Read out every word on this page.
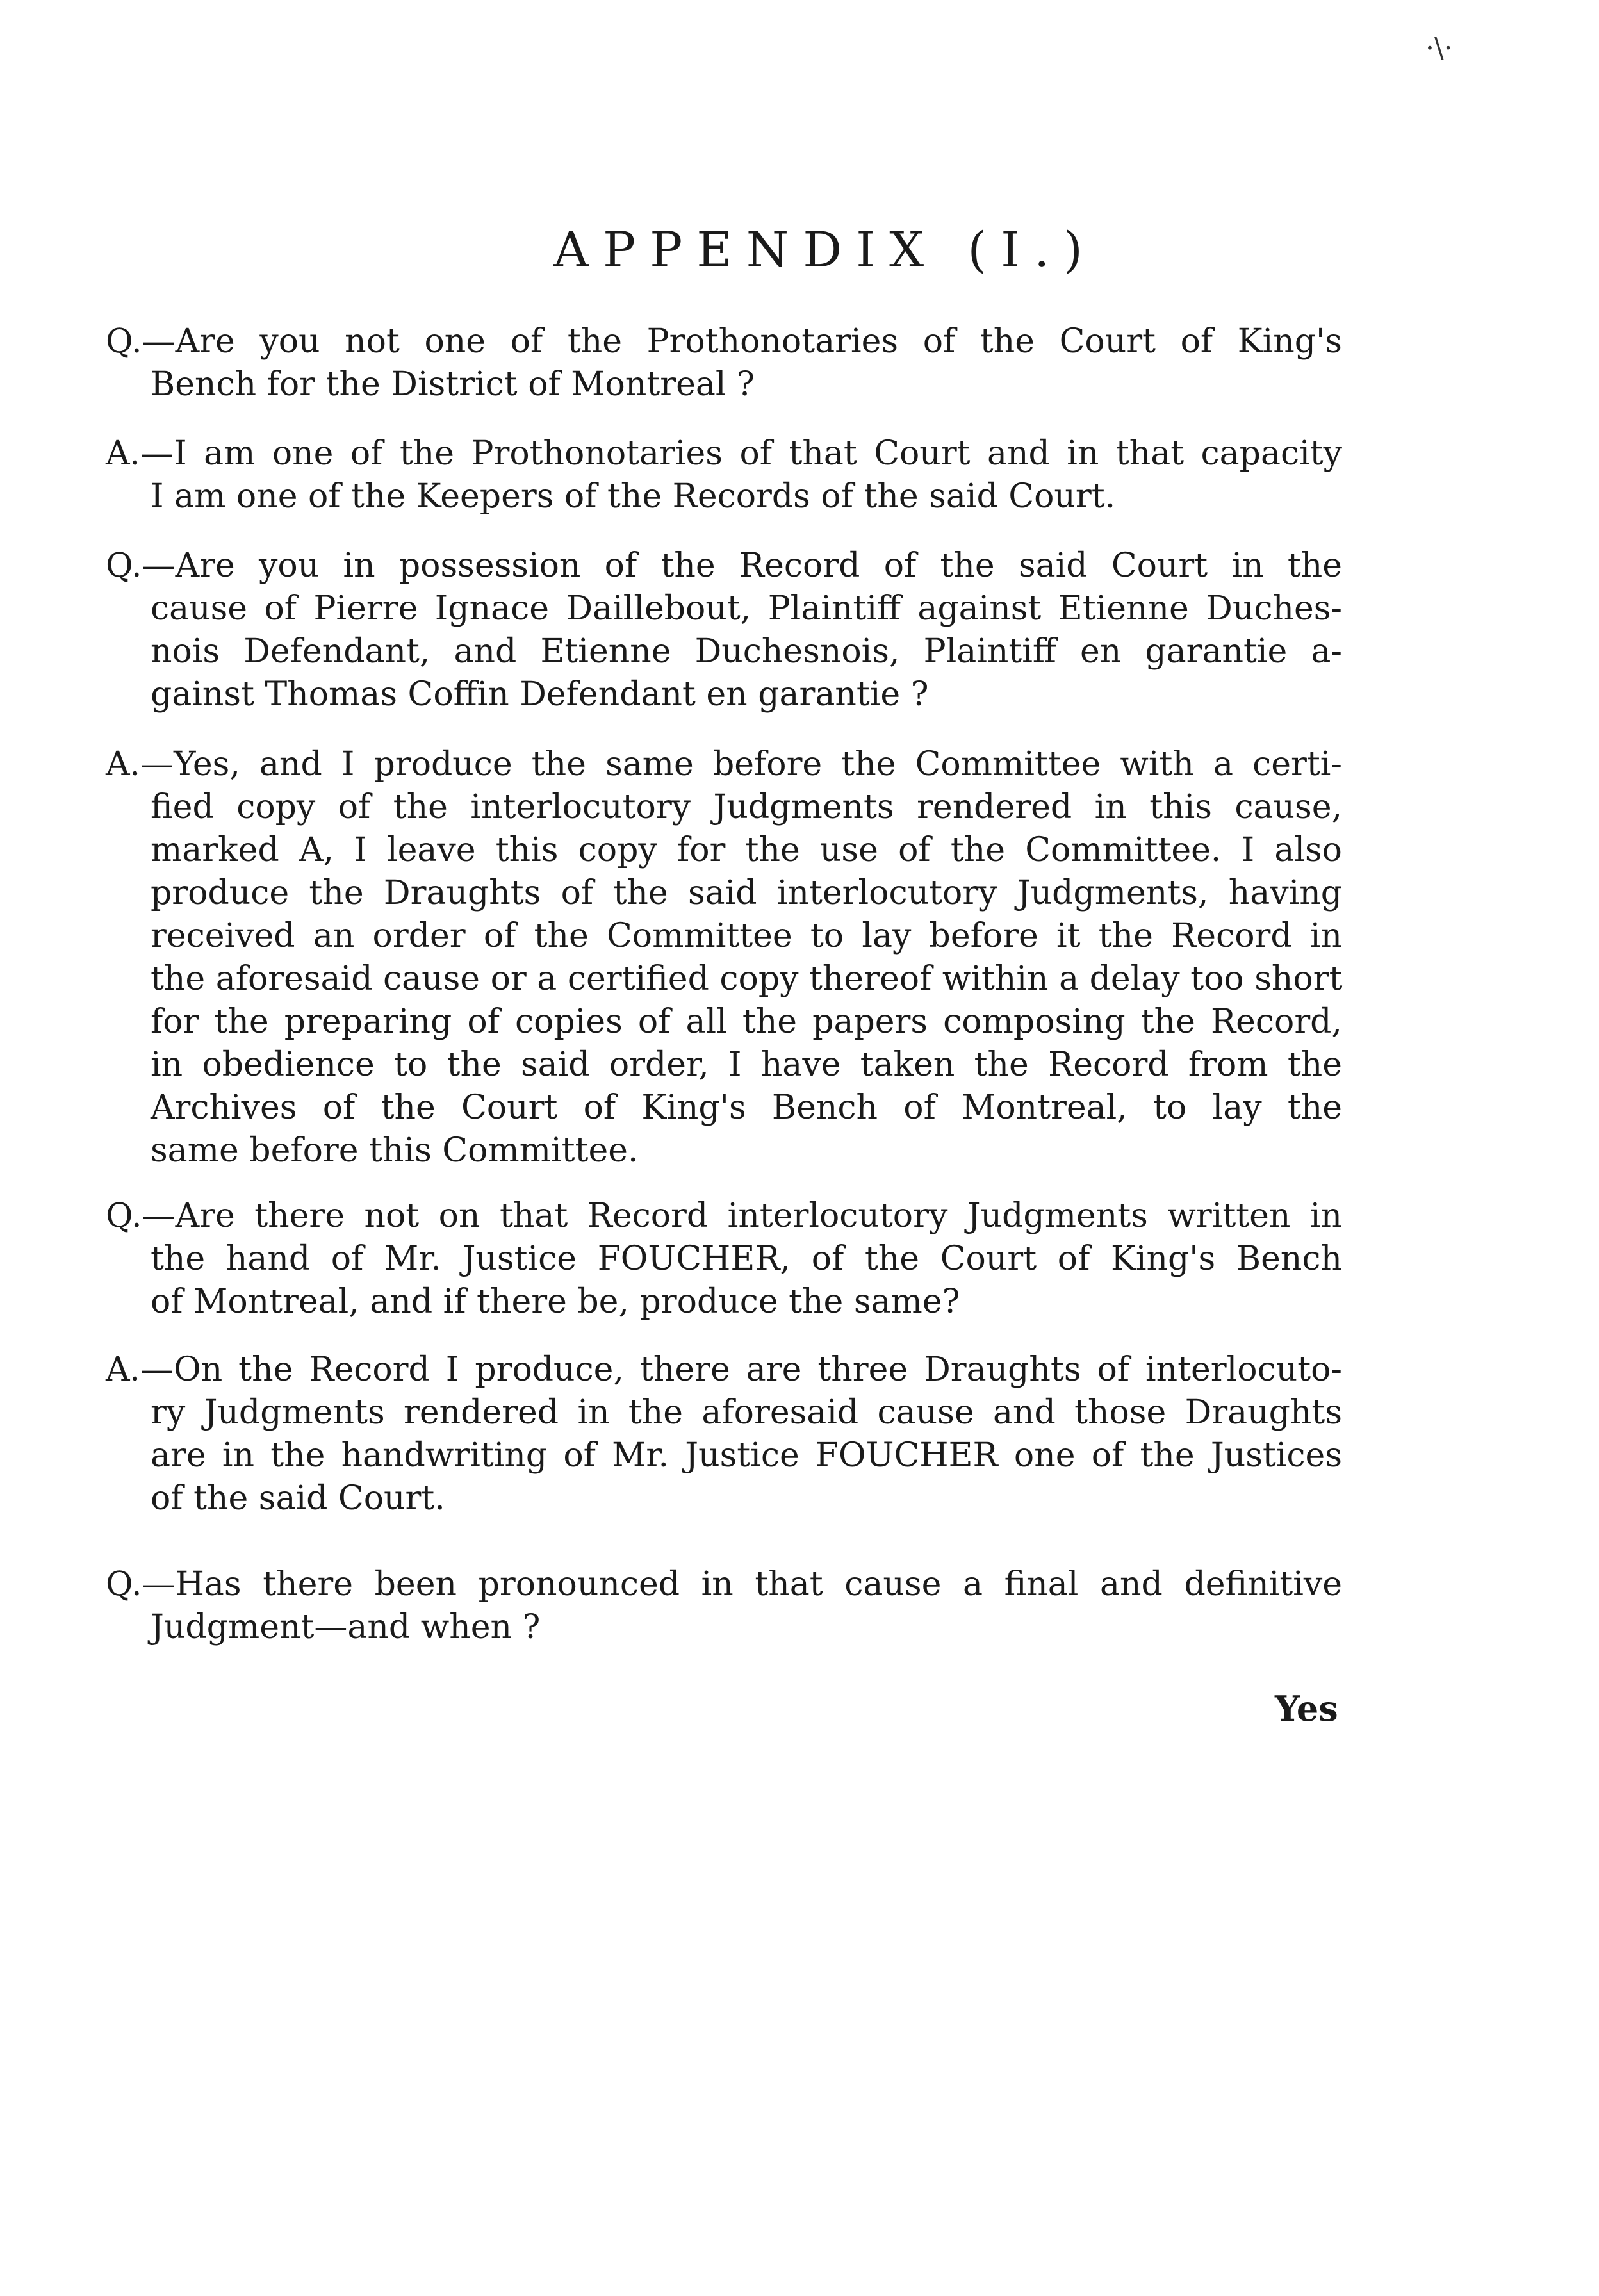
·\·
APPENDIX (I.)
Q.—Are you not one of the Prothonotaries of the Court of King's
Bench for the District of Montreal ?
A.—I am one of the Prothonotaries of that Court and in that capacity
I am one of the Keepers of the Records of the said Court.
Q.—Are you in possession of the Record of the said Court in the
cause of Pierre Ignace Daillebout, Plaintiff against Etienne Duches-
nois Defendant, and Etienne Duchesnois, Plaintiff en garantie a-
gainst Thomas Coffin Defendant en garantie ?
A.—Yes, and I produce the same before the Committee with a certi-
fied copy of the interlocutory Judgments rendered in this cause,
marked A, I leave this copy for the use of the Committee. I also
produce the Draughts of the said interlocutory Judgments, having
received an order of the Committee to lay before it the Record in
the aforesaid cause or a certified copy thereof within a delay too short
for the preparing of copies of all the papers composing the Record,
in obedience to the said order, I have taken the Record from the
Archives of the Court of King's Bench of Montreal, to lay the
same before this Committee.
Q.—Are there not on that Record interlocutory Judgments written in
the hand of Mr. Justice FOUCHER, of the Court of King's Bench
of Montreal, and if there be, produce the same?
A.—On the Record I produce, there are three Draughts of interlocuto-
ry Judgments rendered in the aforesaid cause and those Draughts
are in the handwriting of Mr. Justice FOUCHER one of the Justices
of the said Court.
Q.—Has there been pronounced in that cause a final and definitive
Judgment—and when ?
Yes
